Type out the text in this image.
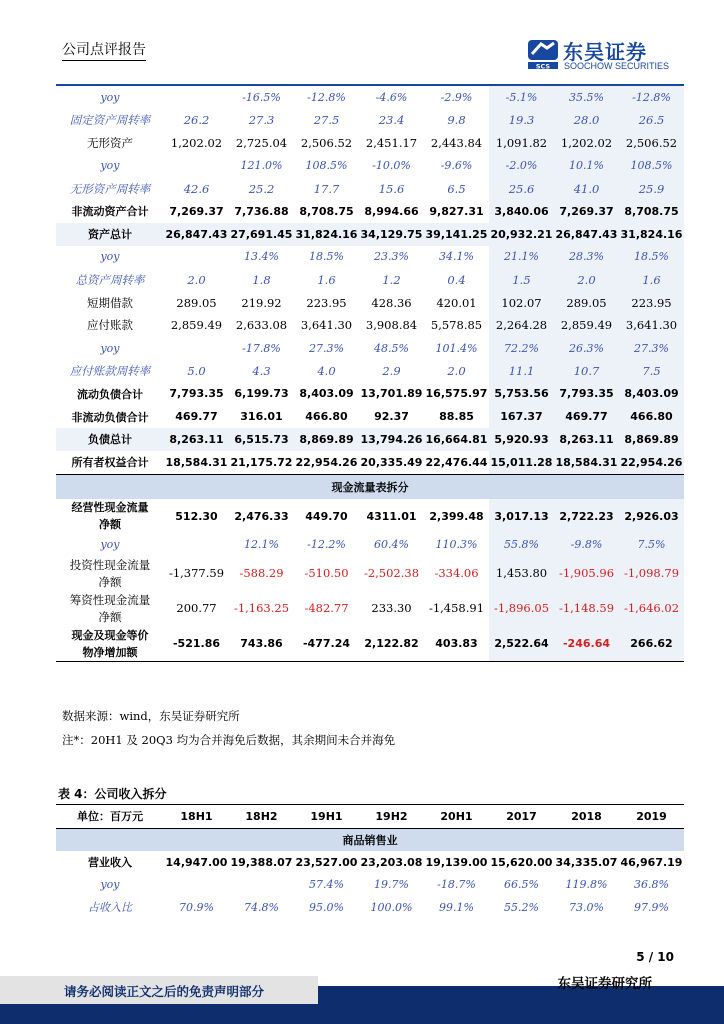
公司点评报告
SCS
东吴证券
SOOCHOW SECURITIES
yoy		-16.5%	-12.8%	-4.6%	-2.9%	-5.1%	35.5%	-12.8%
固定资产周转率	26.2	27.3	27.5	23.4	9.8	19.3	28.0	26.5
无形资产	1,202.02	2,725.04	2,506.52	2,451.17	2,443.84	1,091.82	1,202.02	2,506.52
yoy		121.0%	108.5%	-10.0%	-9.6%	-2.0%	10.1%	108.5%
无形资产周转率	42.6	25.2	17.7	15.6	6.5	25.6	41.0	25.9
非流动资产合计	7,269.37	7,736.88	8,708.75	8,994.66	9,827.31	3,840.06	7,269.37	8,708.75
资产总计	26,847.43	27,691.45	31,824.16	34,129.75	39,141.25	20,932.21	26,847.43	31,824.16
yoy		13.4%	18.5%	23.3%	34.1%	21.1%	28.3%	18.5%
总资产周转率	2.0	1.8	1.6	1.2	0.4	1.5	2.0	1.6
短期借款	289.05	219.92	223.95	428.36	420.01	102.07	289.05	223.95
应付账款	2,859.49	2,633.08	3,641.30	3,908.84	5,578.85	2,264.28	2,859.49	3,641.30
yoy		-17.8%	27.3%	48.5%	101.4%	72.2%	26.3%	27.3%
应付账款周转率	5.0	4.3	4.0	2.9	2.0	11.1	10.7	7.5
流动负债合计	7,793.35	6,199.73	8,403.09	13,701.89	16,575.97	5,753.56	7,793.35	8,403.09
非流动负债合计	469.77	316.01	466.80	92.37	88.85	167.37	469.77	466.80
负债总计	8,263.11	6,515.73	8,869.89	13,794.26	16,664.81	5,920.93	8,263.11	8,869.89
所有者权益合计	18,584.31	21,175.72	22,954.26	20,335.49	22,476.44	15,011.28	18,584.31	22,954.26
现金流量表拆分								
经营性现金流量
净额	512.30	2,476.33	449.70	4311.01	2,399.48	3,017.13	2,722.23	2,926.03
yoy		12.1%	-12.2%	60.4%	110.3%	55.8%	-9.8%	7.5%
投资性现金流量
净额	-1,377.59	-588.29	-510.50	-2,502.38	-334.06	1,453.80	-1,905.96	-1,098.79
筹资性现金流量
净额	200.77	-1,163.25	-482.77	233.30	-1,458.91	-1,896.05	-1,148.59	-1,646.02
现金及现金等价
物净增加额	-521.86	743.86	-477.24	2,122.82	403.83	2,522.64	-246.64	266.62
数据来源：wind，东吴证券研究所
注*：20H1 及 20Q3 均为合并海免后数据，其余期间未合并海免
表 4：公司收入拆分
单位：百万元	18H1	18H2	19H1	19H2	20H1	2017	2018	2019
商品销售业								
营业收入	14,947.00	19,388.07	23,527.00	23,203.08	19,139.00	15,620.00	34,335.07	46,967.19
yoy			57.4%	19.7%	-18.7%	66.5%	119.8%	36.8%
占收入比	70.9%	74.8%	95.0%	100.0%	99.1%	55.2%	73.0%	97.9%
5 / 10
请务必阅读正文之后的免责声明部分	东吴证券研究所
